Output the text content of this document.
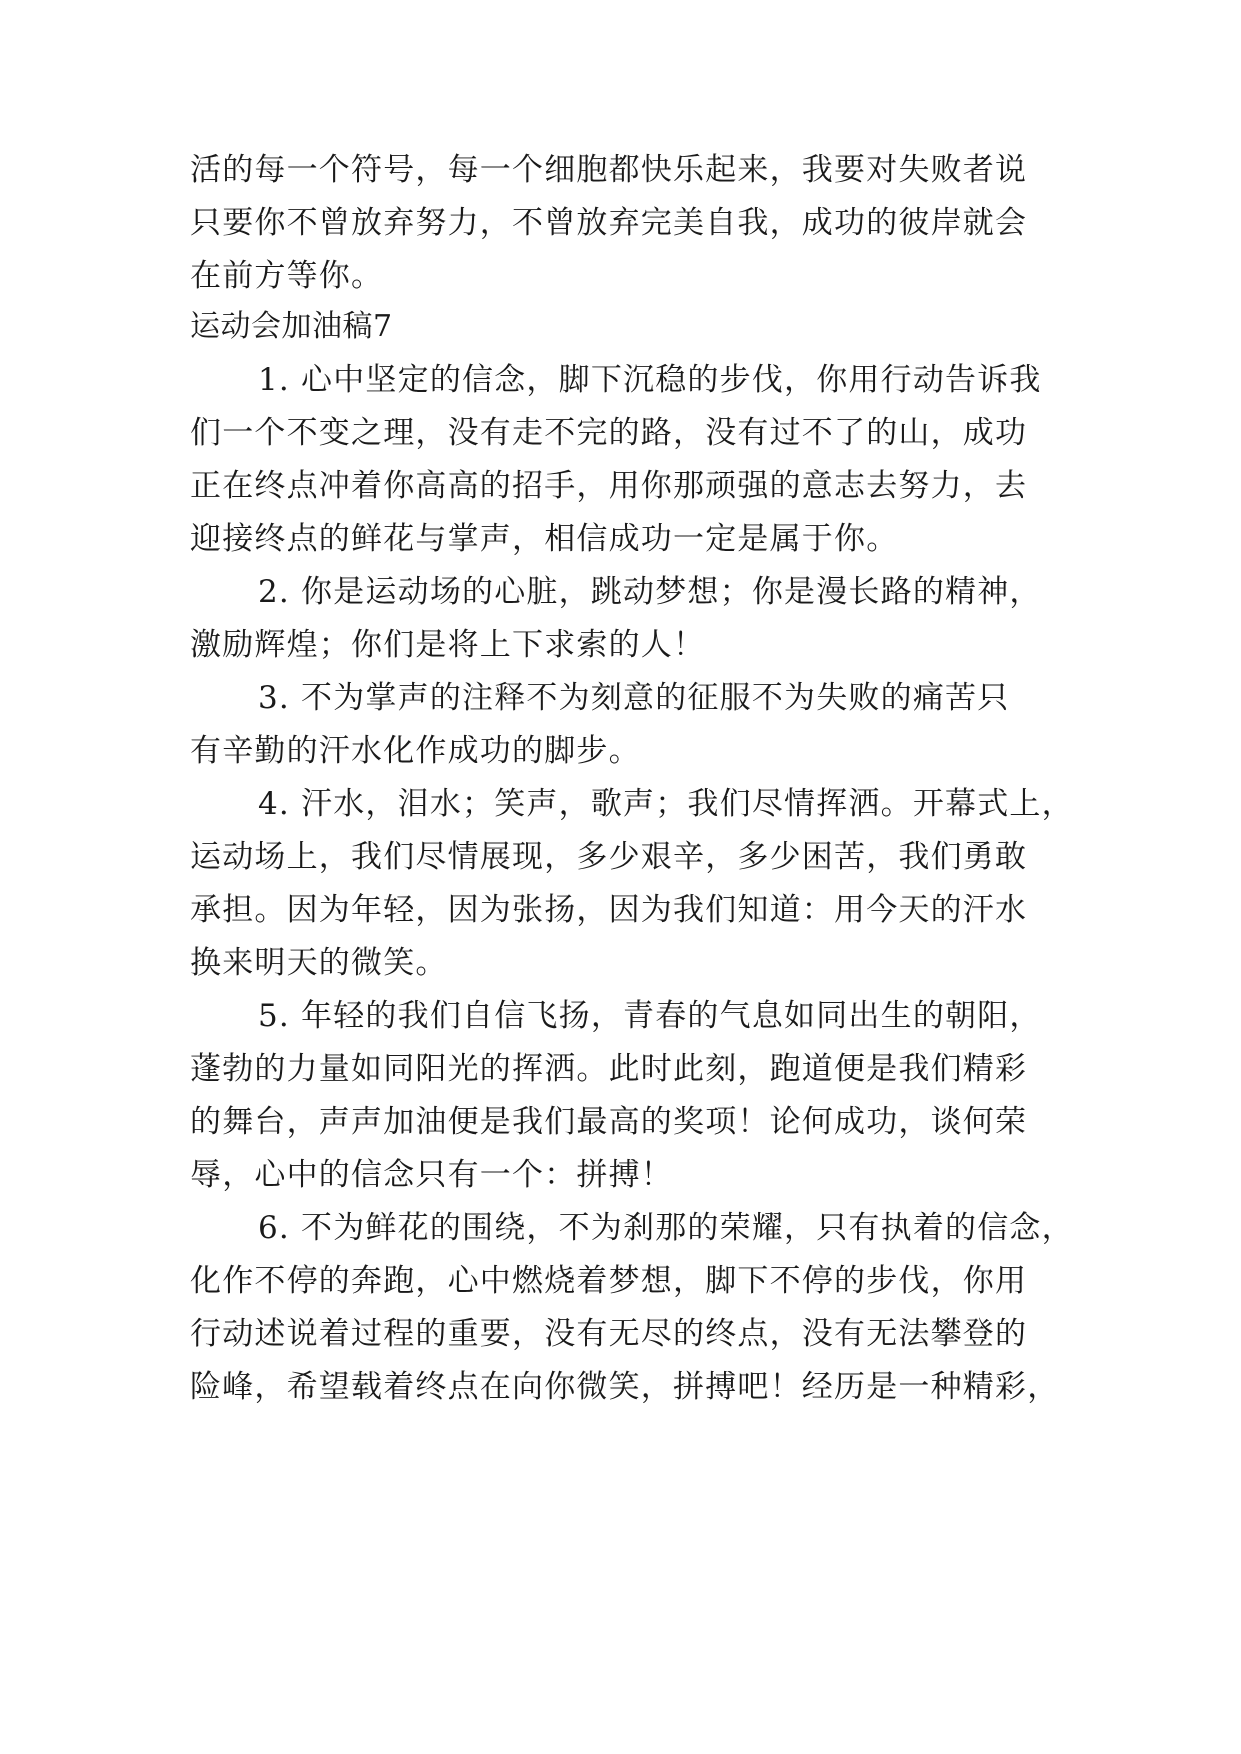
活的每一个符号，每一个细胞都快乐起来，我要对失败者说
只要你不曾放弃努力，不曾放弃完美自我，成功的彼岸就会
在前方等你。
运动会加油稿7
1. 心中坚定的信念，脚下沉稳的步伐，你用行动告诉我
们一个不变之理，没有走不完的路，没有过不了的山，成功
正在终点冲着你高高的招手，用你那顽强的意志去努力，去
迎接终点的鲜花与掌声，相信成功一定是属于你。
2. 你是运动场的心脏，跳动梦想；你是漫长路的精神，
激励辉煌；你们是将上下求索的人！
3. 不为掌声的注释不为刻意的征服不为失败的痛苦只
有辛勤的汗水化作成功的脚步。
4. 汗水，泪水；笑声，歌声；我们尽情挥洒。开幕式上，
运动场上，我们尽情展现，多少艰辛，多少困苦，我们勇敢
承担。因为年轻，因为张扬，因为我们知道：用今天的汗水
换来明天的微笑。
5. 年轻的我们自信飞扬，青春的气息如同出生的朝阳，
蓬勃的力量如同阳光的挥洒。此时此刻，跑道便是我们精彩
的舞台，声声加油便是我们最高的奖项！论何成功，谈何荣
辱，心中的信念只有一个：拼搏！
6. 不为鲜花的围绕，不为刹那的荣耀，只有执着的信念，
化作不停的奔跑，心中燃烧着梦想，脚下不停的步伐，你用
行动述说着过程的重要，没有无尽的终点，没有无法攀登的
险峰，希望载着终点在向你微笑，拼搏吧！经历是一种精彩，
